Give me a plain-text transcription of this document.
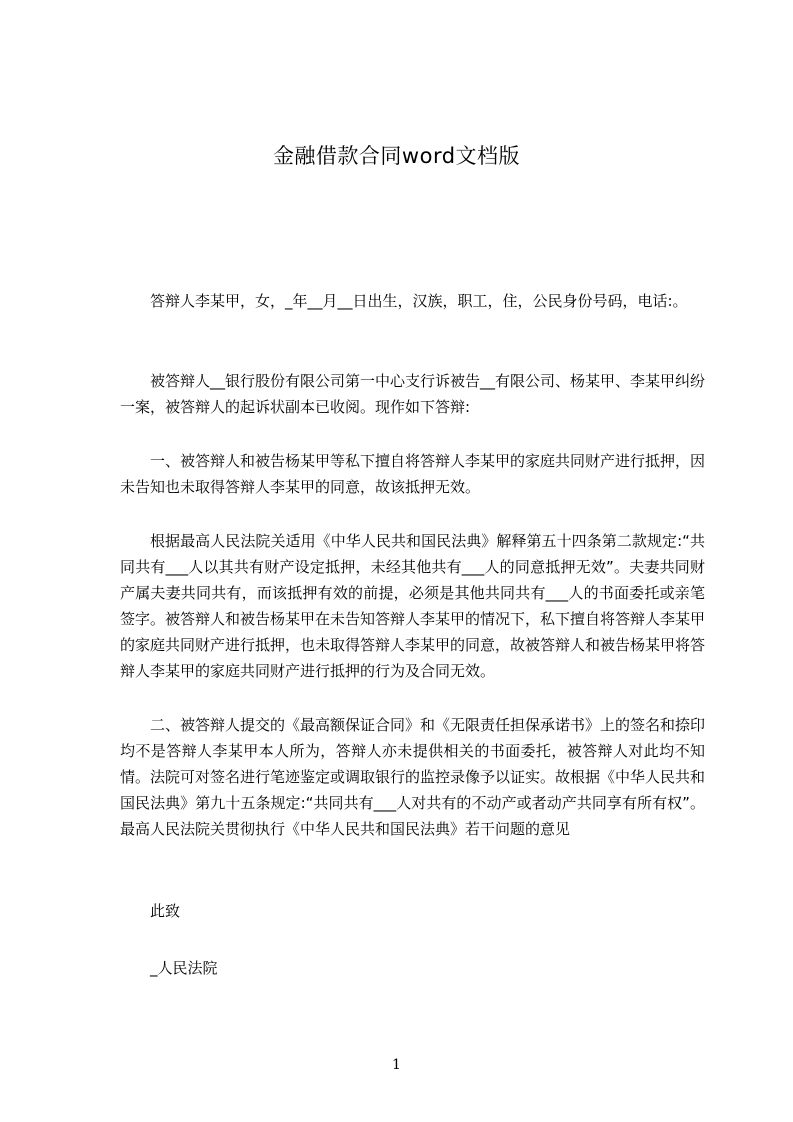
金融借款合同word文档版

答辩人李某甲，女，_年__月__日出生，汉族，职工，住，公民身份号码，电话:。

被答辩人__银行股份有限公司第一中心支行诉被告__有限公司、杨某甲、李某甲纠纷一案，被答辩人的起诉状副本已收阅。现作如下答辩:

一、被答辩人和被告杨某甲等私下擅自将答辩人李某甲的家庭共同财产进行抵押，因未告知也未取得答辩人李某甲的同意，故该抵押无效。

根据最高人民法院关适用《中华人民共和国民法典》解释第五十四条第二款规定:“共同共有___人以其共有财产设定抵押，未经其他共有___人的同意抵押无效”。夫妻共同财产属夫妻共同共有，而该抵押有效的前提，必须是其他共同共有___人的书面委托或亲笔签字。被答辩人和被告杨某甲在未告知答辩人李某甲的情况下，私下擅自将答辩人李某甲的家庭共同财产进行抵押，也未取得答辩人李某甲的同意，故被答辩人和被告杨某甲将答辩人李某甲的家庭共同财产进行抵押的行为及合同无效。

二、被答辩人提交的《最高额保证合同》和《无限责任担保承诺书》上的签名和捺印均不是答辩人李某甲本人所为，答辩人亦未提供相关的书面委托，被答辩人对此均不知情。法院可对签名进行笔迹鉴定或调取银行的监控录像予以证实。故根据《中华人民共和国民法典》第九十五条规定:“共同共有___人对共有的不动产或者动产共同享有所有权”。最高人民法院关贯彻执行《中华人民共和国民法典》若干问题的意见

此致

_人民法院

1
